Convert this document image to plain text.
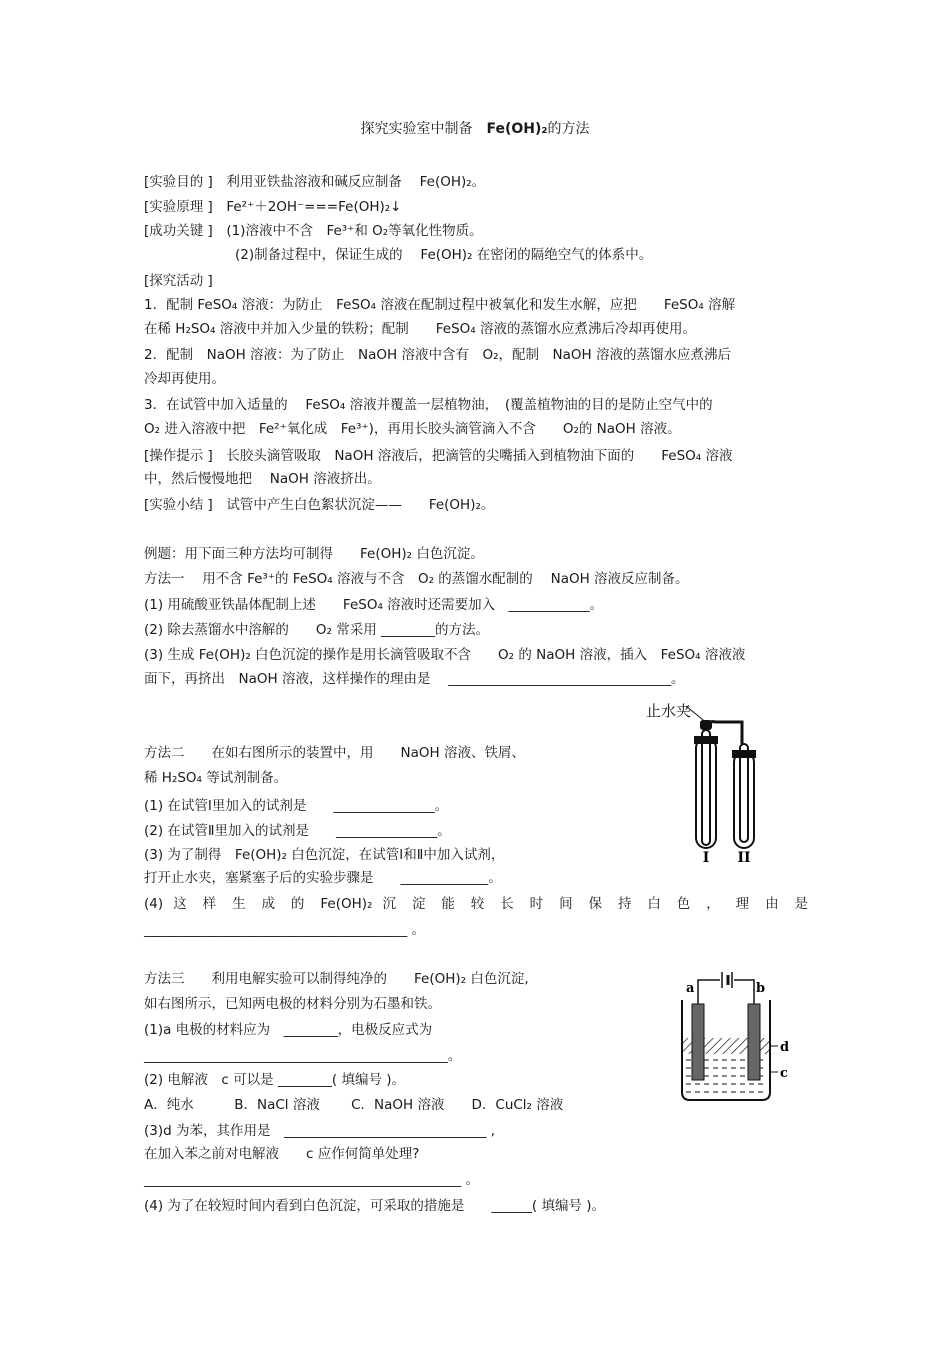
探究实验室中制备　 Fe(OH)₂的方法
[实验目的 ]　利用亚铁盐溶液和碱反应制备　 Fe(OH)₂。
[实验原理 ]　Fe²⁺＋2OH⁻===Fe(OH)₂↓
[成功关键 ]　(1)溶液中不含　Fe³⁺和 O₂等氧化性物质。
(2)制备过程中，保证生成的　 Fe(OH)₂ 在密闭的隔绝空气的体系中。
[探究活动 ]
1．配制 FeSO₄ 溶液：为防止　FeSO₄ 溶液在配制过程中被氧化和发生水解，应把　　FeSO₄ 溶解
在稀 H₂SO₄ 溶液中并加入少量的铁粉；配制　　FeSO₄ 溶液的蒸馏水应煮沸后冷却再使用。
2．配制　NaOH 溶液：为了防止　NaOH 溶液中含有　O₂，配制　NaOH 溶液的蒸馏水应煮沸后
冷却再使用。
3．在试管中加入适量的　 FeSO₄ 溶液并覆盖一层植物油，　(覆盖植物油的目的是防止空气中的
O₂ 进入溶液中把　Fe²⁺氧化成　Fe³⁺)，再用长胶头滴管滴入不含　　O₂的 NaOH 溶液。
[操作提示 ]　长胶头滴管吸取　NaOH 溶液后，把滴管的尖嘴插入到植物油下面的　　FeSO₄ 溶液
中，然后慢慢地把　 NaOH 溶液挤出。
[实验小结 ]　试管中产生白色絮状沉淀——　　Fe(OH)₂。
例题：用下面三种方法均可制得　　Fe(OH)₂ 白色沉淀。
方法一　 用不含 Fe³⁺的 FeSO₄ 溶液与不含　O₂ 的蒸馏水配制的　 NaOH 溶液反应制备。
(1) 用硫酸亚铁晶体配制上述　　FeSO₄ 溶液时还需要加入　____________。
(2) 除去蒸馏水中溶解的　　O₂ 常采用 ________的方法。
(3) 生成 Fe(OH)₂ 白色沉淀的操作是用长滴管吸取不含　　O₂ 的 NaOH 溶液，插入　FeSO₄ 溶液液
面下，再挤出　NaOH 溶液，这样操作的理由是　 _________________________________。
方法二　　在如右图所示的装置中，用　　NaOH 溶液、铁屑、
稀 H₂SO₄ 等试剂制备。
(1) 在试管Ⅰ里加入的试剂是　　_______________。
(2) 在试管Ⅱ里加入的试剂是　　_______________。
(3) 为了制得　Fe(OH)₂ 白色沉淀，在试管Ⅰ和Ⅱ中加入试剂，
打开止水夹，塞紧塞子后的实验步骤是　　_____________。
(4) 这 样 生 成 的 Fe(OH)₂ 沉 淀 能 较 长 时 间 保 持 白 色 ， 理 由 是
_______________________________________ 。
方法三　　利用电解实验可以制得纯净的　　Fe(OH)₂ 白色沉淀,
如右图所示，已知两电极的材料分别为石墨和铁。
(1)a 电极的材料应为　________，电极反应式为
_____________________________________________。
(2) 电解液　c 可以是 ________( 填编号 )。
A．纯水　　　B．NaCl 溶液　　 C．NaOH 溶液　　D．CuCl₂ 溶液
(3)d 为苯，其作用是　______________________________ ,
在加入苯之前对电解液　　c 应作何简单处理?
_______________________________________________ 。
(4) 为了在较短时间内看到白色沉淀，可采取的措施是　　______( 填编号 )。
止水夹
I II
a	b
d
c
